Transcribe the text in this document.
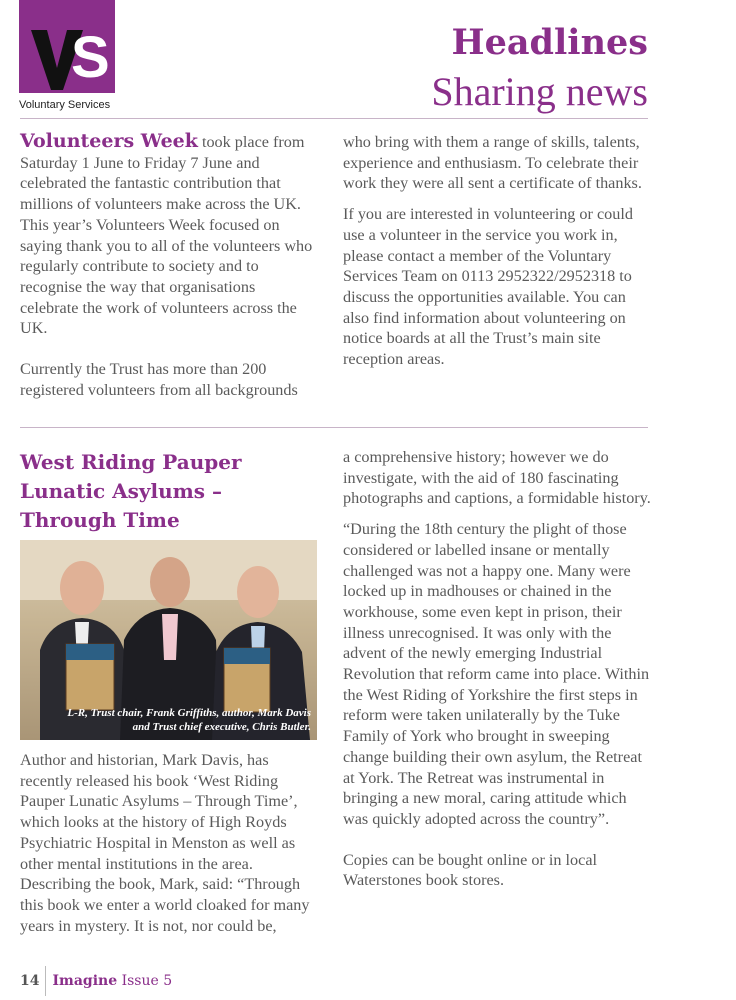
S
Voluntary Services
Headlines
Sharing news

Volunteers Week took place from Saturday 1 June to Friday 7 June and celebrated the fantastic contribution that millions of volunteers make across the UK. This year’s Volunteers Week focused on saying thank you to all of the volunteers who regularly contribute to society and to recognise the way that organisations celebrate the work of volunteers across the UK.

Currently the Trust has more than 200 registered volunteers from all backgrounds

who bring with them a range of skills, talents, experience and enthusiasm. To celebrate their work they were all sent a certificate of thanks.

If you are interested in volunteering or could use a volunteer in the service you work in, please contact a member of the Voluntary Services Team on 0113 2952322/2952318 to discuss the opportunities available. You can also find information about volunteering on notice boards at all the Trust’s main site reception areas.

West Riding Pauper Lunatic Asylums – Through Time
L-R, Trust chair, Frank Griffiths, author, Mark Davis and Trust chief executive, Chris Butler.

Author and historian, Mark Davis, has recently released his book ‘West Riding Pauper Lunatic Asylums – Through Time’, which looks at the history of High Royds Psychiatric Hospital in Menston as well as other mental institutions in the area. Describing the book, Mark, said: “Through this book we enter a world cloaked for many years in mystery. It is not, nor could be,

a comprehensive history; however we do investigate, with the aid of 180 fascinating photographs and captions, a formidable history.

“During the 18th century the plight of those considered or labelled insane or mentally challenged was not a happy one. Many were locked up in madhouses or chained in the workhouse, some even kept in prison, their illness unrecognised. It was only with the advent of the newly emerging Industrial Revolution that reform came into place. Within the West Riding of Yorkshire the first steps in reform were taken unilaterally by the Tuke Family of York who brought in sweeping change building their own asylum, the Retreat at York. The Retreat was instrumental in bringing a new moral, caring attitude which was quickly adopted across the country”.

Copies can be bought online or in local Waterstones book stores.

14 Imagine Issue 5
